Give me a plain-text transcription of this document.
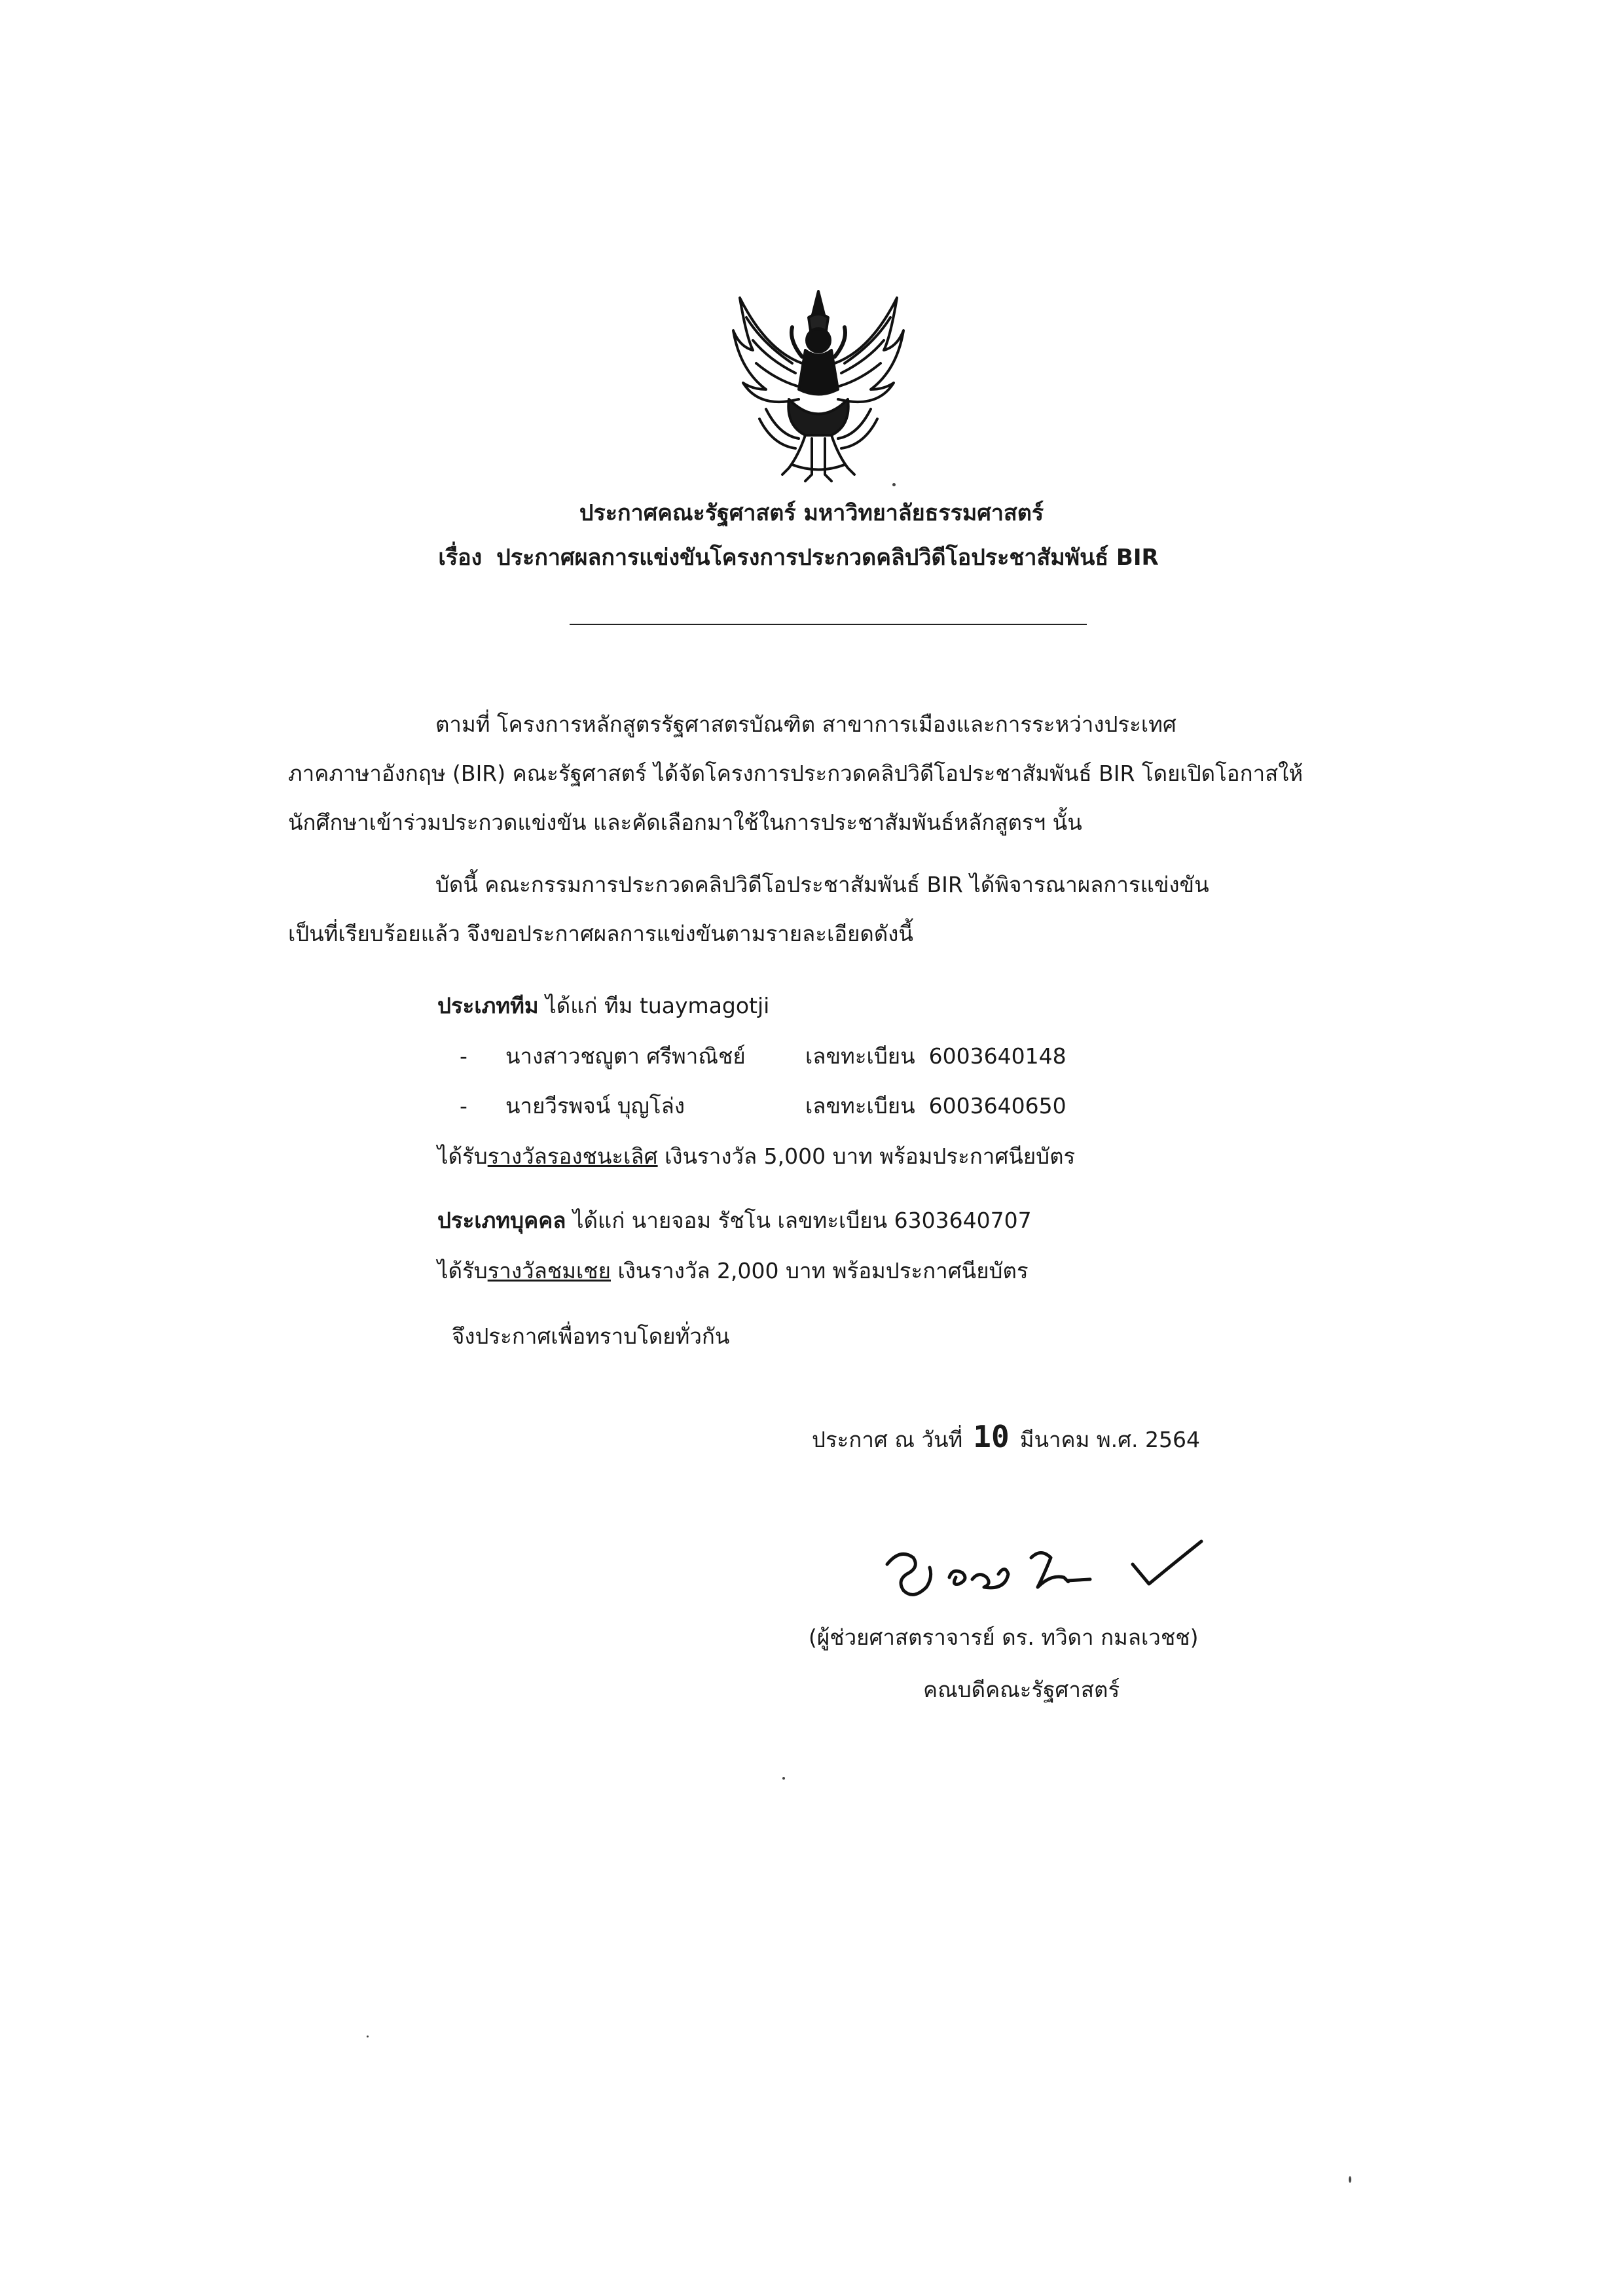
ประกาศคณะรัฐศาสตร์ มหาวิทยาลัยธรรมศาสตร์
เรื่อง ประกาศผลการแข่งขันโครงการประกวดคลิปวิดีโอประชาสัมพันธ์ BIR
ตามที่ โครงการหลักสูตรรัฐศาสตรบัณฑิต สาขาการเมืองและการระหว่างประเทศ
ภาคภาษาอังกฤษ (BIR) คณะรัฐศาสตร์ ได้จัดโครงการประกวดคลิปวิดีโอประชาสัมพันธ์ BIR โดยเปิดโอกาสให้
นักศึกษาเข้าร่วมประกวดแข่งขัน และคัดเลือกมาใช้ในการประชาสัมพันธ์หลักสูตรฯ นั้น
บัดนี้ คณะกรรมการประกวดคลิปวิดีโอประชาสัมพันธ์ BIR ได้พิจารณาผลการแข่งขัน
เป็นที่เรียบร้อยแล้ว จึงขอประกาศผลการแข่งขันตามรายละเอียดดังนี้
ประเภททีม ได้แก่ ทีม tuaymagotji
- นางสาวชญูตา ศรีพาณิชย์	เลขทะเบียน 6003640148
- นายวีรพจน์ บุญโล่ง	เลขทะเบียน 6003640650
ได้รับรางวัลรองชนะเลิศ เงินรางวัล 5,000 บาท พร้อมประกาศนียบัตร
ประเภทบุคคล ได้แก่ นายจอม รัชโน เลขทะเบียน 6303640707
ได้รับรางวัลชมเชย เงินรางวัล 2,000 บาท พร้อมประกาศนียบัตร
จึงประกาศเพื่อทราบโดยทั่วกัน
ประกาศ ณ วันที่ 10 มีนาคม พ.ศ. 2564
(ผู้ช่วยศาสตราจารย์ ดร. ทวิดา กมลเวชช)
คณบดีคณะรัฐศาสตร์
